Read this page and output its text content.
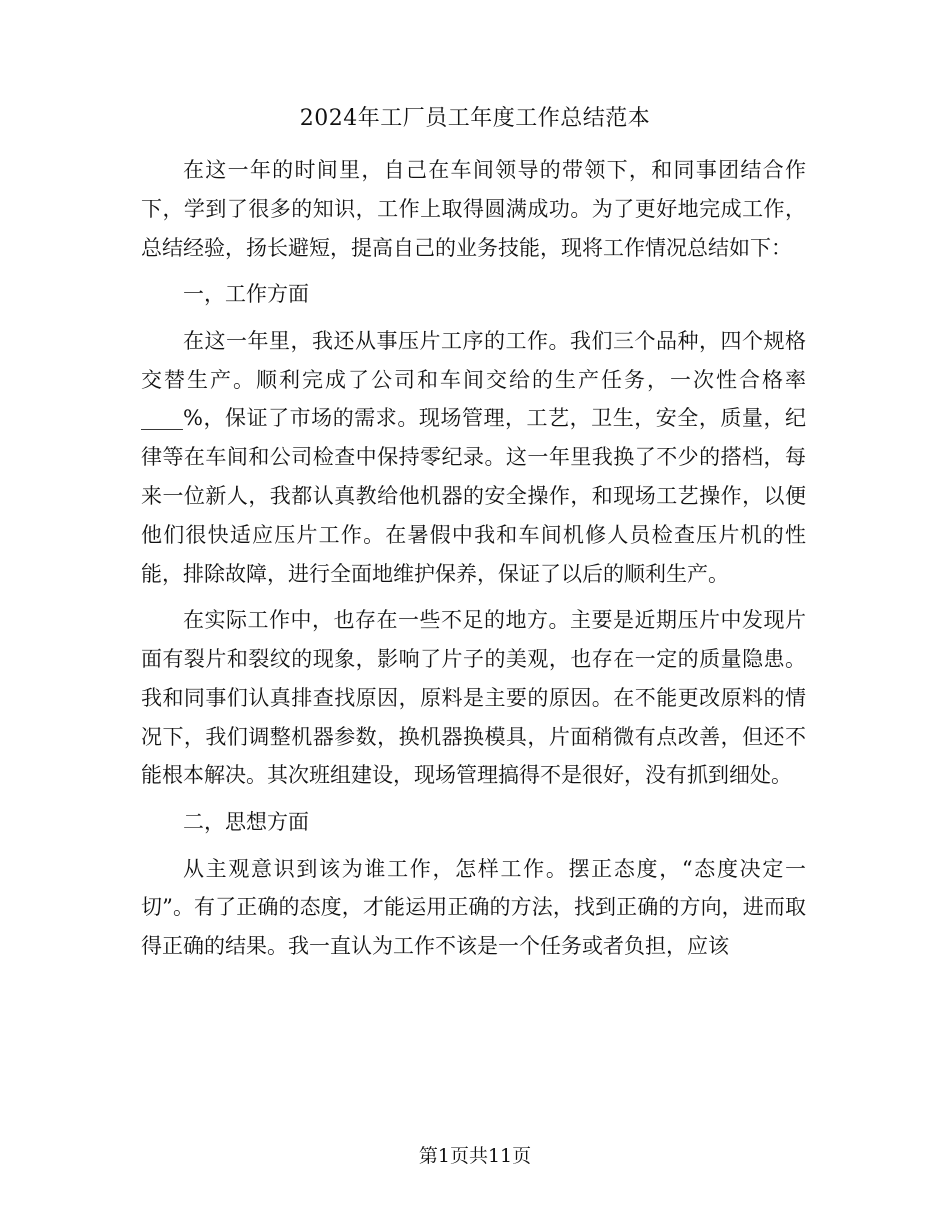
2024年工厂员工年度工作总结范本

在这一年的时间里，自己在车间领导的带领下，和同事团结合作下，学到了很多的知识，工作上取得圆满成功。为了更好地完成工作，总结经验，扬长避短，提高自己的业务技能，现将工作情况总结如下：

一，工作方面

在这一年里，我还从事压片工序的工作。我们三个品种，四个规格交替生产。顺利完成了公司和车间交给的生产任务，一次性合格率____%，保证了市场的需求。现场管理，工艺，卫生，安全，质量，纪律等在车间和公司检查中保持零纪录。这一年里我换了不少的搭档，每来一位新人，我都认真教给他机器的安全操作，和现场工艺操作，以便他们很快适应压片工作。在暑假中我和车间机修人员检查压片机的性能，排除故障，进行全面地维护保养，保证了以后的顺利生产。

在实际工作中，也存在一些不足的地方。主要是近期压片中发现片面有裂片和裂纹的现象，影响了片子的美观，也存在一定的质量隐患。我和同事们认真排查找原因，原料是主要的原因。在不能更改原料的情况下，我们调整机器参数，换机器换模具，片面稍微有点改善，但还不能根本解决。其次班组建设，现场管理搞得不是很好，没有抓到细处。

二，思想方面

从主观意识到该为谁工作，怎样工作。摆正态度，“态度决定一切”。有了正确的态度，才能运用正确的方法，找到正确的方向，进而取得正确的结果。我一直认为工作不该是一个任务或者负担，应该

第1页共11页
